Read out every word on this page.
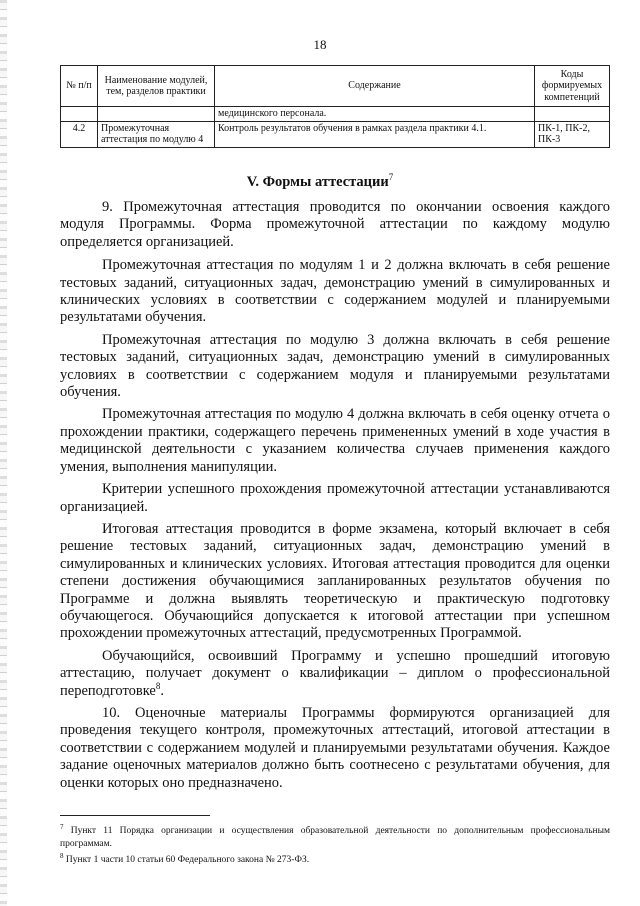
18
№ п/п	Наименование модулей, тем, разделов практики	Содержание	Коды формируемых компетенций
		медицинского персонала.	
4.2	Промежуточная аттестация по модулю 4	Контроль результатов обучения в рамках раздела практики 4.1.	ПК-1, ПК-2, ПК-3
V. Формы аттестации$^7$

9. Промежуточная аттестация проводится по окончании освоения каждого модуля Программы. Форма промежуточной аттестации по каждому модулю определяется организацией.

Промежуточная аттестация по модулям 1 и 2 должна включать в себя решение тестовых заданий, ситуационных задач, демонстрацию умений в симулированных и клинических условиях в соответствии с содержанием модулей и планируемыми результатами обучения.

Промежуточная аттестация по модулю 3 должна включать в себя решение тестовых заданий, ситуационных задач, демонстрацию умений в симулированных условиях в соответствии с содержанием модуля и планируемыми результатами обучения.

Промежуточная аттестация по модулю 4 должна включать в себя оценку отчета о прохождении практики, содержащего перечень примененных умений в ходе участия в медицинской деятельности с указанием количества случаев применения каждого умения, выполнения манипуляции.

Критерии успешного прохождения промежуточной аттестации устанавливаются организацией.

Итоговая аттестация проводится в форме экзамена, который включает в себя решение тестовых заданий, ситуационных задач, демонстрацию умений в симулированных и клинических условиях. Итоговая аттестация проводится для оценки степени достижения обучающимися запланированных результатов обучения по Программе и должна выявлять теоретическую и практическую подготовку обучающегося. Обучающийся допускается к итоговой аттестации при успешном прохождении промежуточных аттестаций, предусмотренных Программой.

Обучающийся, освоивший Программу и успешно прошедший итоговую аттестацию, получает документ о квалификации – диплом о профессиональной переподготовке$^8$.

10. Оценочные материалы Программы формируются организацией для проведения текущего контроля, промежуточных аттестаций, итоговой аттестации в соответствии с содержанием модулей и планируемыми результатами обучения. Каждое задание оценочных материалов должно быть соотнесено с результатами обучения, для оценки которых оно предназначено.

$^7$ Пункт 11 Порядка организации и осуществления образовательной деятельности по дополнительным профессиональным программам.

$^8$ Пункт 1 части 10 статьи 60 Федерального закона № 273-ФЗ.
